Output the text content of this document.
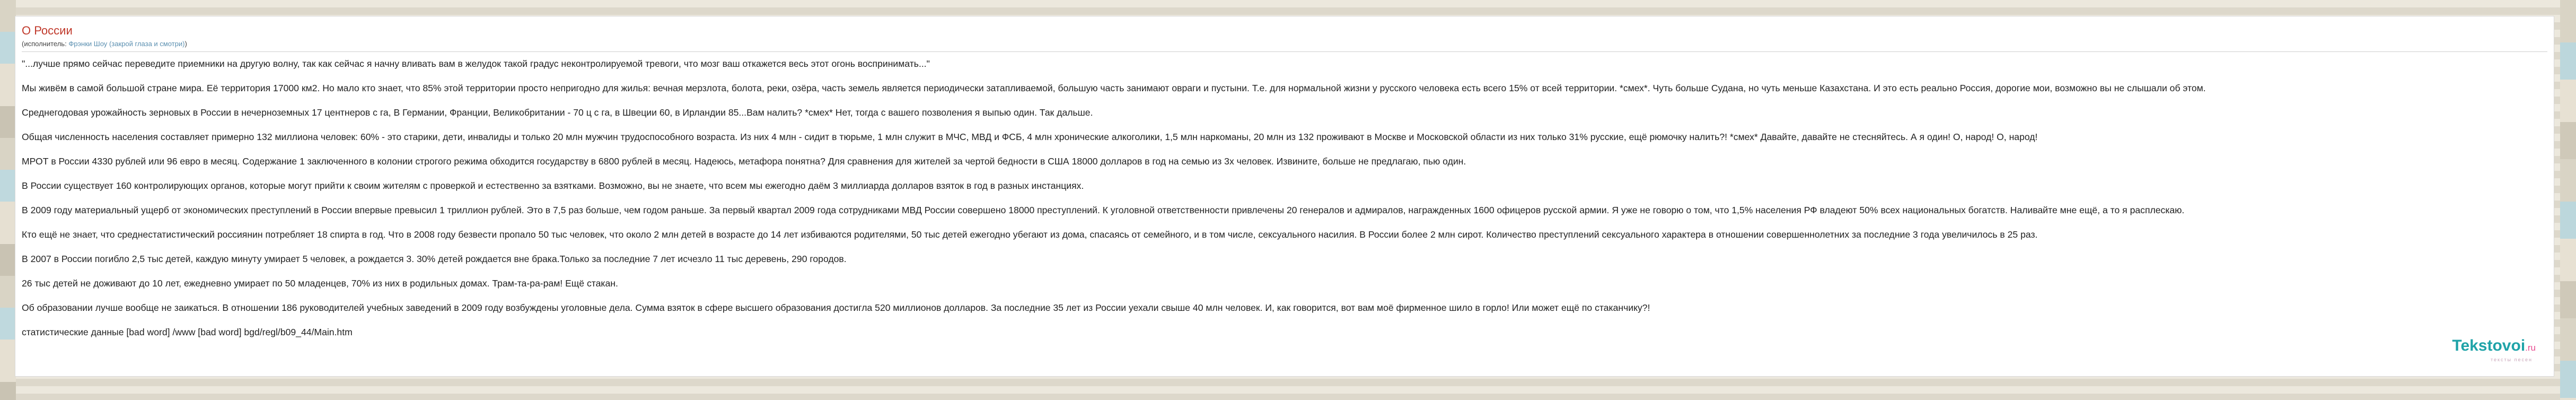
О России
(исполнитель: Фрэнки Шоу (закрой глаза и смотри))

"...лучше прямо сейчас переведите приемники на другую волну, так как сейчас я начну вливать вам в желудок такой градус неконтролируемой тревоги, что мозг ваш откажется весь этот огонь воспринимать..."

Мы живём в самой большой стране мира. Её территория 17000 км2. Но мало кто знает, что 85% этой территории просто непригодно для жилья: вечная мерзлота, болота, реки, озёра, часть земель является периодически затапливаемой, большую часть занимают овраги и пустыни. Т.е. для нормальной жизни у русского человека есть всего 15% от всей территории. *смех*. Чуть больше Судана, но чуть меньше Казахстана. И это есть реально Россия, дорогие мои, возможно вы не слышали об этом.

Среднегодовая урожайность зерновых в России в нечерноземных 17 центнеров с га, В Германии, Франции, Великобритании - 70 ц с га, в Швеции 60, в Ирландии 85...Вам налить? *смех* Нет, тогда с вашего позволения я выпью один. Так дальше.

Общая численность населения составляет примерно 132 миллиона человек: 60% - это старики, дети, инвалиды и только 20 млн мужчин трудоспособного возраста. Из них 4 млн - сидит в тюрьме, 1 млн служит в МЧС, МВД и ФСБ, 4 млн хронические алкоголики, 1,5 млн наркоманы, 20 млн из 132 проживают в Москве и Московской области из них только 31% русские, ещё рюмочку налить?! *смех* Давайте, давайте не стесняйтесь. А я один! О, народ! О, народ!

МРОТ в России 4330 рублей или 96 евро в месяц. Содержание 1 заключенного в колонии строгого режима обходится государству в 6800 рублей в месяц. Надеюсь, метафора понятна? Для сравнения для жителей за чертой бедности в США 18000 долларов в год на семью из 3х человек. Извините, больше не предлагаю, пью один.

В России существует 160 контролирующих органов, которые могут прийти к своим жителям с проверкой и естественно за взятками. Возможно, вы не знаете, что всем мы ежегодно даём 3 миллиарда долларов взяток в год в разных инстанциях.

В 2009 году материальный ущерб от экономических преступлений в России впервые превысил 1 триллион рублей. Это в 7,5 раз больше, чем годом раньше. За первый квартал 2009 года сотрудниками МВД России совершено 18000 преступлений. К уголовной ответственности привлечены 20 генералов и адмиралов, награжденных 1600 офицеров русской армии. Я уже не говорю о том, что 1,5% населения РФ владеют 50% всех национальных богатств. Наливайте мне ещё, а то я расплескаю.

Кто ещё не знает, что среднестатистический россиянин потребляет 18 спирта в год. Что в 2008 году безвести пропало 50 тыс человек, что около 2 млн детей в возрасте до 14 лет избиваются родителями, 50 тыс детей ежегодно убегают из дома, спасаясь от семейного, и в том числе, сексуального насилия. В России более 2 млн сирот. Количество преступлений сексуального характера в отношении совершеннолетних за последние 3 года увеличилось в 25 раз.

В 2007 в России погибло 2,5 тыс детей, каждую минуту умирает 5 человек, а рождается 3. 30% детей рождается вне брака.Только за последние 7 лет исчезло 11 тыс деревень, 290 городов.

26 тыс детей не доживают до 10 лет, ежедневно умирает по 50 младенцев, 70% из них в родильных домах. Трам-та-ра-рам! Ещё стакан.

Об образовании лучше вообще не заикаться. В отношении 186 руководителей учебных заведений в 2009 году возбуждены уголовные дела. Сумма взяток в сфере высшего образования достигла 520 миллионов долларов. За последние 35 лет из России уехали свыше 40 млн человек. И, как говорится, вот вам моё фирменное шило в горло! Или может ещё по стаканчику?!

статистические данные [bad word] /www [bad word] bgd/regl/b09_44/Main.htm

Tekstovoi.ru
тексты песен
